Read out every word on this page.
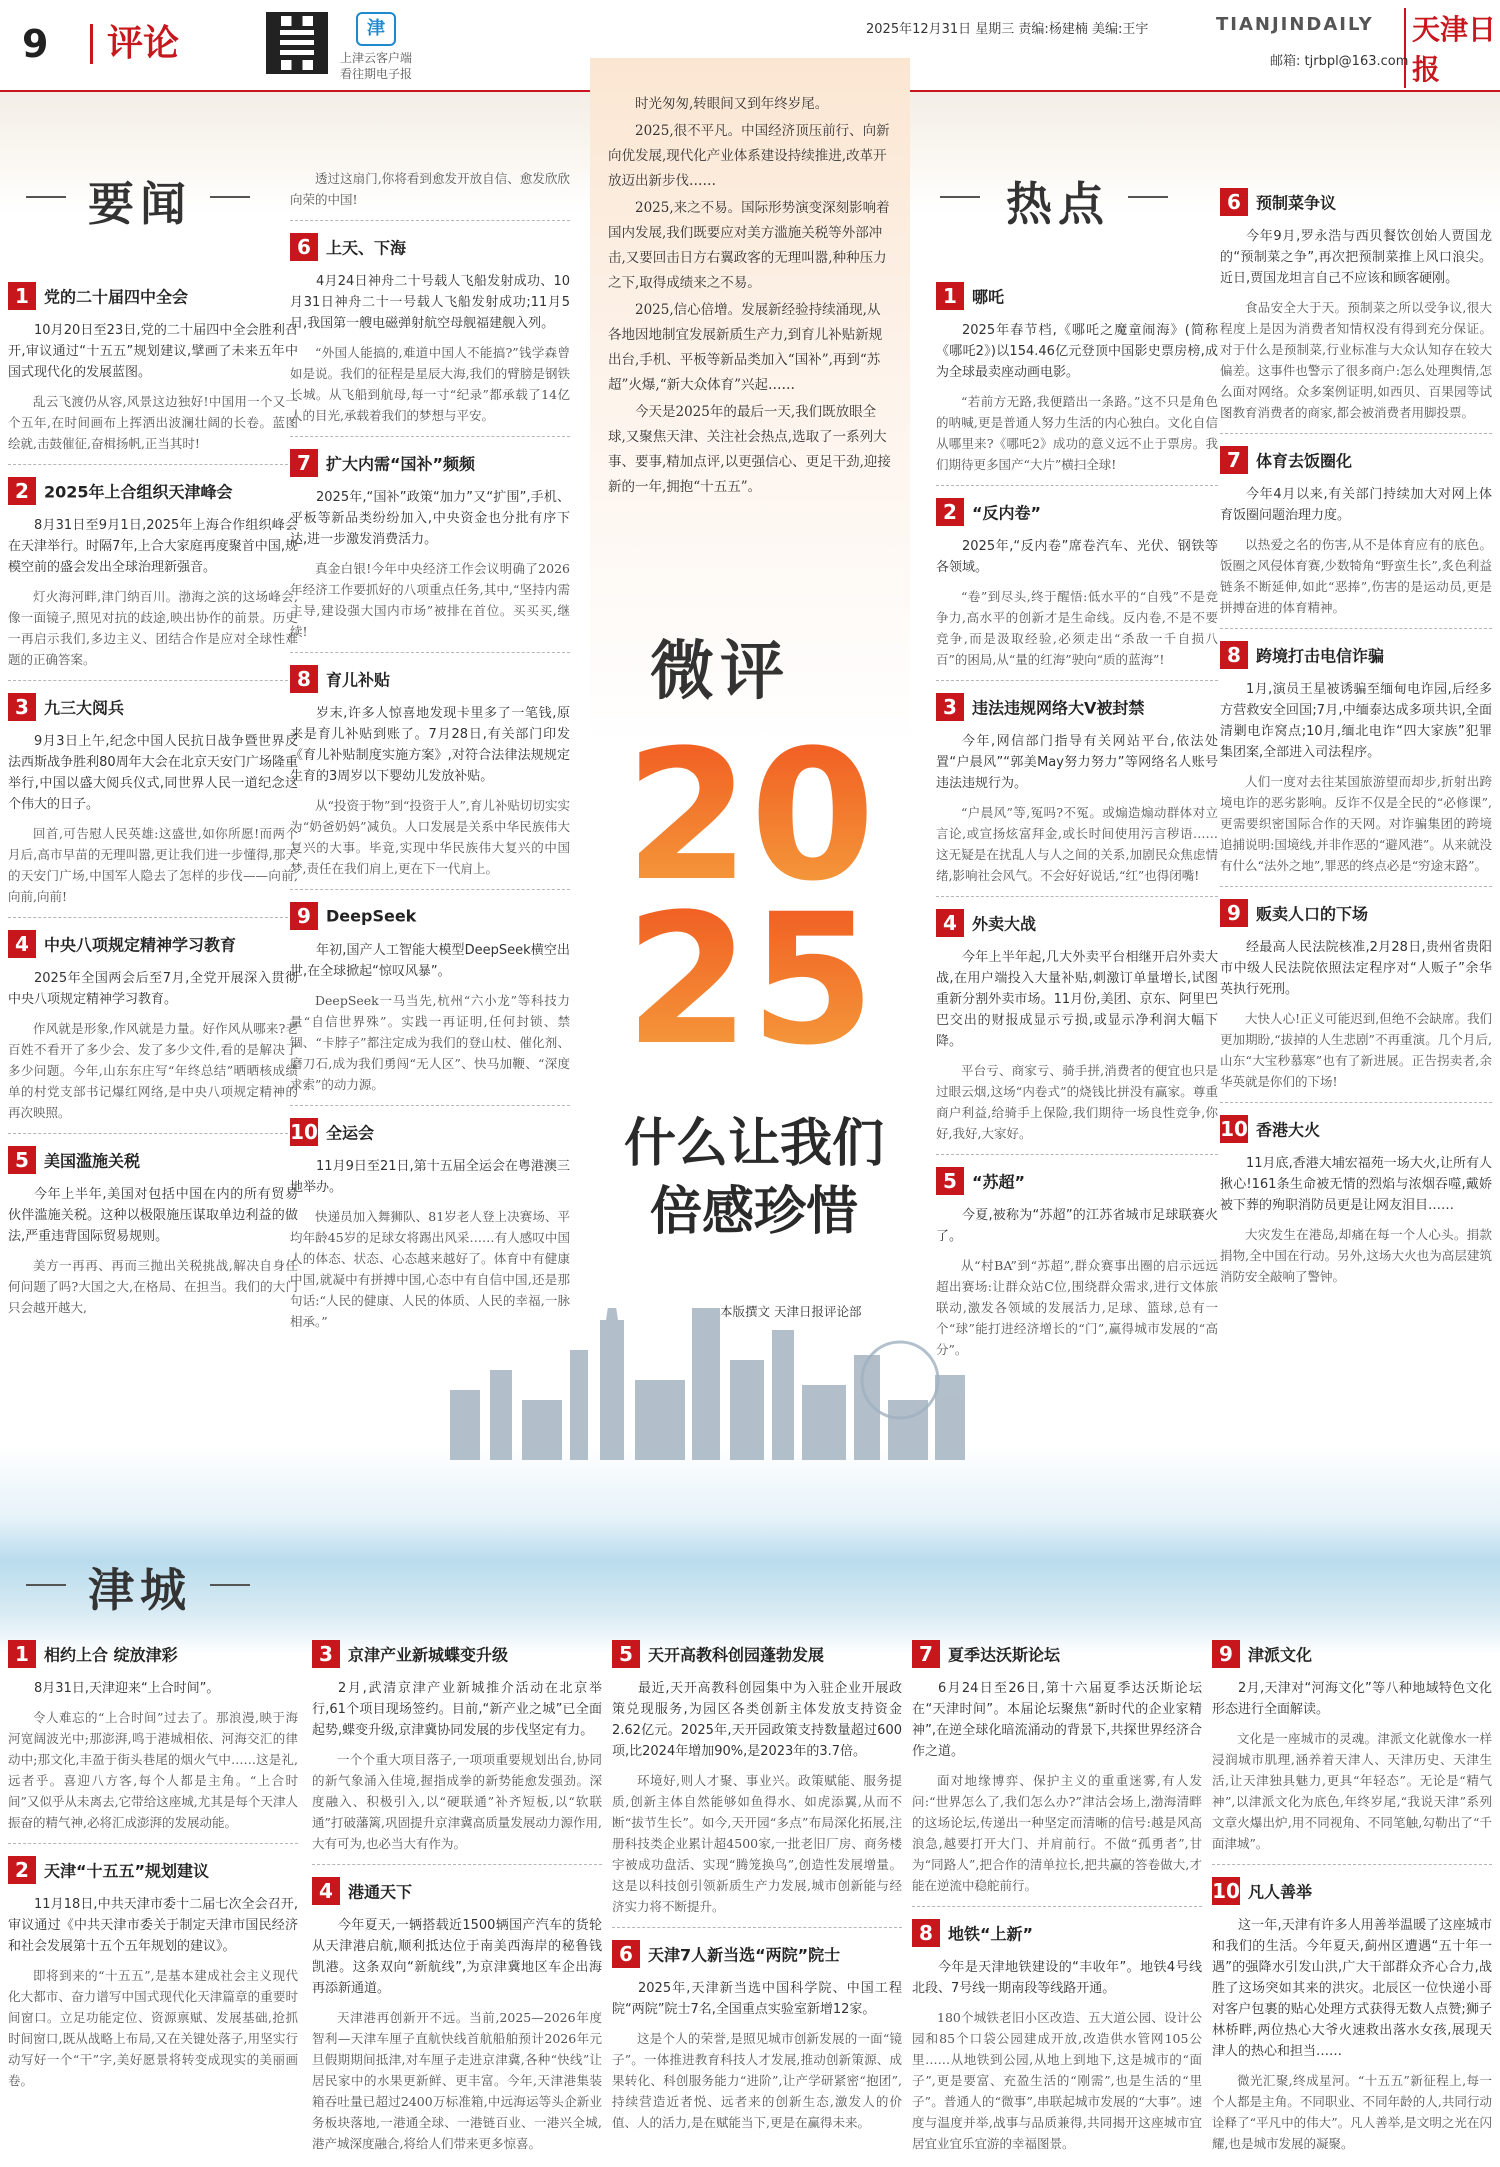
9	评论	津
上津云客户端
看往期电子报
2025年12月31日 星期三 责编:杨建楠 美编:王宇	TIANJINDAILY 天津日报
邮箱: tjrbpl@163.com
要闻	热点
津城

时光匆匆,转眼间又到年终岁尾。

2025,很不平凡。中国经济顶压前行、向新向优发展,现代化产业体系建设持续推进,改革开放迈出新步伐……

2025,来之不易。国际形势演变深刻影响着国内发展,我们既要应对美方滥施关税等外部冲击,又要回击日方右翼政客的无理叫嚣,种种压力之下,取得成绩来之不易。

2025,信心倍增。发展新经验持续涌现,从各地因地制宜发展新质生产力,到育儿补贴新规出台,手机、平板等新品类加入“国补”,再到“苏超”火爆,“新大众体育”兴起……

今天是2025年的最后一天,我们既放眼全球,又聚焦天津、关注社会热点,选取了一系列大事、要事,精加点评,以更强信心、更足干劲,迎接新的一年,拥抱“十五五”。

微评
20
25
什么让我们
倍感珍惜
本版撰文 天津日报评论部
1 党的二十届四中全会
10月20日至23日,党的二十届四中全会胜利召开,审议通过“十五五”规划建议,擘画了未来五年中国式现代化的发展蓝图。
乱云飞渡仍从容,风景这边独好!中国用一个又一个五年,在时间画布上挥洒出波澜壮阔的长卷。蓝图绘就,击鼓催征,奋楫扬帆,正当其时!
2 2025年上合组织天津峰会
8月31日至9月1日,2025年上海合作组织峰会在天津举行。时隔7年,上合大家庭再度聚首中国,规模空前的盛会发出全球治理新强音。
灯火海河畔,津门纳百川。渤海之滨的这场峰会,像一面镜子,照见对抗的歧途,映出协作的前景。历史一再启示我们,多边主义、团结合作是应对全球性难题的正确答案。
3 九三大阅兵
9月3日上午,纪念中国人民抗日战争暨世界反法西斯战争胜利80周年大会在北京天安门广场隆重举行,中国以盛大阅兵仪式,同世界人民一道纪念这个伟大的日子。
回首,可告慰人民英雄:这盛世,如你所愿!而两个月后,高市早苗的无理叫嚣,更让我们进一步懂得,那天的天安门广场,中国军人隐去了怎样的步伐——向前,向前,向前!
4 中央八项规定精神学习教育
2025年全国两会后至7月,全党开展深入贯彻中央八项规定精神学习教育。
作风就是形象,作风就是力量。好作风从哪来?老百姓不看开了多少会、发了多少文件,看的是解决了多少问题。今年,山东东庄写“年终总结”晒晒核成绩单的村党支部书记爆红网络,是中央八项规定精神的再次映照。
5 美国滥施关税
今年上半年,美国对包括中国在内的所有贸易伙伴滥施关税。这种以极限施压谋取单边利益的做法,严重违背国际贸易规则。
美方一再再、再而三抛出关税挑战,解决自身任何问题了吗?大国之大,在格局、在担当。我们的大门只会越开越大,
透过这扇门,你将看到愈发开放自信、愈发欣欣向荣的中国!
6 上天、下海
4月24日神舟二十号载人飞船发射成功、10月31日神舟二十一号载人飞船发射成功;11月5日,我国第一艘电磁弹射航空母舰福建舰入列。
“外国人能搞的,难道中国人不能搞?”钱学森曾如是说。我们的征程是星辰大海,我们的臂膀是钢铁长城。从飞船到航母,每一寸“纪录”都承载了14亿人的目光,承载着我们的梦想与平安。
7 扩大内需“国补”频频
2025年,“国补”政策“加力”又“扩围”,手机、平板等新品类纷纷加入,中央资金也分批有序下达,进一步激发消费活力。
真金白银!今年中央经济工作会议明确了2026年经济工作要抓好的八项重点任务,其中,“坚持内需主导,建设强大国内市场”被排在首位。买买买,继续!
8 育儿补贴
岁末,许多人惊喜地发现卡里多了一笔钱,原来是育儿补贴到账了。7月28日,有关部门印发《育儿补贴制度实施方案》,对符合法律法规规定生育的3周岁以下婴幼儿发放补贴。
从“投资于物”到“投资于人”,育儿补贴切切实实为“奶爸奶妈”减负。人口发展是关系中华民族伟大复兴的大事。毕竟,实现中华民族伟大复兴的中国梦,责任在我们肩上,更在下一代肩上。
9 DeepSeek
年初,国产人工智能大模型DeepSeek横空出世,在全球掀起“惊叹风暴”。
DeepSeek一马当先,杭州“六小龙”等科技力量“自信世界殊”。实践一再证明,任何封锁、禁锢、“卡脖子”都注定成为我们的登山杖、催化剂、磨刀石,成为我们勇闯“无人区”、快马加鞭、“深度求索”的动力源。
10 全运会
11月9日至21日,第十五届全运会在粤港澳三地举办。
快递员加入舞狮队、81岁老人登上决赛场、平均年龄45岁的足球女将踢出风采……有人感叹中国人的体态、状态、心态越来越好了。体育中有健康中国,就凝中有拼搏中国,心态中有自信中国,还是那句话:“人民的健康、人民的体质、人民的幸福,一脉相承。”
1 哪吒
2025年春节档,《哪吒之魔童闹海》(简称《哪吒2》)以154.46亿元登顶中国影史票房榜,成为全球最卖座动画电影。
“若前方无路,我便踏出一条路。”这不只是角色的呐喊,更是普通人努力生活的内心独白。文化自信从哪里来?《哪吒2》成功的意义远不止于票房。我们期待更多国产“大片”横扫全球!
2 “反内卷”
2025年,“反内卷”席卷汽车、光伏、钢铁等各领域。
“卷”到尽头,终于醒悟:低水平的“自残”不是竞争力,高水平的创新才是生命线。反内卷,不是不要竞争,而是汲取经验,必须走出“杀敌一千自损八百”的困局,从“量的红海”驶向“质的蓝海”!
3 违法违规网络大V被封禁
今年,网信部门指导有关网站平台,依法处置“户晨风”“郭美May努力努力”等网络名人账号违法违规行为。
“户晨风”等,冤吗?不冤。或煽造煽动群体对立言论,或宣扬炫富拜金,或长时间使用污言秽语……这无疑是在扰乱人与人之间的关系,加剧民众焦虑情绪,影响社会风气。不会好好说话,“红”也得闭嘴!
4 外卖大战
今年上半年起,几大外卖平台相继开启外卖大战,在用户端投入大量补贴,刺激订单量增长,试图重新分割外卖市场。11月份,美团、京东、阿里巴巴交出的财报成显示亏损,或显示净利润大幅下降。
平台亏、商家亏、骑手拼,消费者的便宜也只是过眼云烟,这场“内卷式”的烧钱比拼没有赢家。尊重商户利益,给骑手上保险,我们期待一场良性竞争,你好,我好,大家好。
5 “苏超”
今夏,被称为“苏超”的江苏省城市足球联赛火了。
从“村BA”到“苏超”,群众赛事出圈的启示远远超出赛场:让群众站C位,围绕群众需求,进行文体旅联动,激发各领域的发展活力,足球、篮球,总有一个“球”能打进经济增长的“门”,赢得城市发展的“高分”。
6 预制菜争议
今年9月,罗永浩与西贝餐饮创始人贾国龙的“预制菜之争”,再次把预制菜推上风口浪尖。近日,贾国龙坦言自己不应该和顾客硬刚。
食品安全大于天。预制菜之所以受争议,很大程度上是因为消费者知情权没有得到充分保证。对于什么是预制菜,行业标准与大众认知存在较大偏差。这事件也警示了很多商户:怎么处理舆情,怎么面对网络。众多案例证明,如西贝、百果园等试图教育消费者的商家,都会被消费者用脚投票。
7 体育去饭圈化
今年4月以来,有关部门持续加大对网上体育饭圈问题治理力度。
以热爱之名的伤害,从不是体育应有的底色。饭圈之风侵体育赛,少数犄角“野蛮生长”,炙色利益链条不断延伸,如此“恶捧”,伤害的是运动员,更是拼搏奋进的体育精神。
8 跨境打击电信诈骗
1月,演员王星被诱骗至缅甸电诈园,后经多方营救安全回国;7月,中缅泰达成多项共识,全面清剿电诈窝点;10月,缅北电诈“四大家族”犯罪集团案,全部进入司法程序。
人们一度对去往某国旅游望而却步,折射出跨境电诈的恶劣影响。反诈不仅是全民的“必修课”,更需要织密国际合作的天网。对诈骗集团的跨境追捕说明:国境线,并非作恶的“避风港”。从来就没有什么“法外之地”,罪恶的终点必是“穷途末路”。
9 贩卖人口的下场
经最高人民法院核准,2月28日,贵州省贵阳市中级人民法院依照法定程序对“人贩子”余华英执行死刑。
大快人心!正义可能迟到,但绝不会缺席。我们更加期盼,“拔掉的人生悲剧”不再重演。几个月后,山东“大宝秒慕寒”也有了新进展。正告拐卖者,余华英就是你们的下场!
10 香港大火
11月底,香港大埔宏福苑一场大火,让所有人揪心!161条生命被无情的烈焰与浓烟吞噬,戴娇被下葬的殉职消防员更是让网友泪目……
大灾发生在港岛,却痛在每一个人心头。捐款捐物,全中国在行动。另外,这场大火也为高层建筑消防安全敲响了警钟。
1 相约上合 绽放津彩
8月31日,天津迎来“上合时间”。
令人难忘的“上合时间”过去了。那浪漫,映于海河宽阔波光中;那澎湃,鸣于港城相依、河海交汇的律动中;那文化,丰盈于街头巷尾的烟火气中……这是礼,远者乎。喜迎八方客,每个人都是主角。“上合时间”又似乎从未离去,它带给这座城,尤其是每个天津人振奋的精气神,必将汇成澎湃的发展动能。
2 天津“十五五”规划建议
11月18日,中共天津市委十二届七次全会召开,审议通过《中共天津市委关于制定天津市国民经济和社会发展第十五个五年规划的建议》。
即将到来的“十五五”,是基本建成社会主义现代化大都市、奋力谱写中国式现代化天津篇章的重要时间窗口。立足功能定位、资源禀赋、发展基础,抢抓时间窗口,既从战略上布局,又在关键处落子,用坚实行动写好一个“干”字,美好愿景将转变成现实的美丽画卷。
3 京津产业新城蝶变升级
2月,武清京津产业新城推介活动在北京举行,61个项目现场签约。目前,“新产业之城”已全面起势,蝶变升级,京津冀协同发展的步伐坚定有力。
一个个重大项目落子,一项项重要规划出台,协同的新气象涌入佳境,握指成拳的新势能愈发强劲。深度融入、积极引入,以“硬联通”补齐短板,以“软联通”打破藩篱,巩固提升京津冀高质量发展动力源作用,大有可为,也必当大有作为。
4 港通天下
今年夏天,一辆搭载近1500辆国产汽车的货轮从天津港启航,顺利抵达位于南美西海岸的秘鲁钱凯港。这条双向“新航线”,为京津冀地区车企出海再添新通道。
天津港再创新开不远。当前,2025—2026年度智利—天津车厘子直航快线首航船舶预计2026年元旦假期期间抵津,对车厘子走进京津冀,各种“快线”让居民家中的水果更新鲜、更丰富。今年,天津港集装箱吞吐量已超过2400万标准箱,中远海运等头企新业务板块落地,一港通全球、一港链百业、一港兴全城,港产城深度融合,将给人们带来更多惊喜。
5 天开高教科创园蓬勃发展
最近,天开高教科创园集中为入驻企业开展政策兑现服务,为园区各类创新主体发放支持资金2.62亿元。2025年,天开园政策支持数量超过600项,比2024年增加90%,是2023年的3.7倍。
环境好,则人才聚、事业兴。政策赋能、服务提质,创新主体自然能够如鱼得水、如虎添翼,从而不断“拔节生长”。如今,天开园“多点”布局深化拓展,注册科技类企业累计超4500家,一批老旧厂房、商务楼宇被成功盘活、实现“腾笼换鸟”,创造性发展增量。这是以科技创引领新质生产力发展,城市创新能与经济实力将不断提升。
6 天津7人新当选“两院”院士
2025年,天津新当选中国科学院、中国工程院“两院”院士7名,全国重点实验室新增12家。
这是个人的荣誉,是照见城市创新发展的一面“镜子”。一体推进教育科技人才发展,推动创新策源、成果转化、科创服务能力“进阶”,让产学研紧密“抱团”,持续营造近者悦、远者来的创新生态,激发人的价值、人的活力,是在赋能当下,更是在赢得未来。
7 夏季达沃斯论坛
6月24日至26日,第十六届夏季达沃斯论坛在“天津时间”。本届论坛聚焦“新时代的企业家精神”,在逆全球化暗流涌动的背景下,共探世界经济合作之道。
面对地缘博弈、保护主义的重重迷雾,有人发问:“世界怎么了,我们怎么办?”津沽会场上,渤海清畔的这场论坛,传递出一种坚定而清晰的信号:越是风高浪急,越要打开大门、并肩前行。不做“孤勇者”,甘为“同路人”,把合作的清单拉长,把共赢的答卷做大,才能在逆流中稳舵前行。
8 地铁“上新”
今年是天津地铁建设的“丰收年”。地铁4号线北段、7号线一期南段等线路开通。
180个城铁老旧小区改造、五大道公园、设计公园和85个口袋公园建成开放,改造供水管网105公里……从地铁到公园,从地上到地下,这是城市的“面子”,更是要富、充盈生活的“刚需”,也是生活的“里子”。普通人的“微事”,串联起城市发展的“大事”。速度与温度并举,战事与品质兼得,共同揭开这座城市宜居宜业宜乐宜游的幸福图景。
9 津派文化
2月,天津对“河海文化”等八种地域特色文化形态进行全面解读。
文化是一座城市的灵魂。津派文化就像水一样浸润城市肌理,涵养着天津人、天津历史、天津生活,让天津独具魅力,更具“年轻态”。无论是“精气神”,以津派文化为底色,年终岁尾,“我说天津”系列文章火爆出炉,用不同视角、不同笔触,勾勒出了“千面津城”。
10 凡人善举
这一年,天津有许多人用善举温暖了这座城市和我们的生活。今年夏天,蓟州区遭遇“五十年一遇”的强降水引发山洪,广大干部群众齐心合力,战胜了这场突如其来的洪灾。北辰区一位快递小哥对客户包裹的贴心处理方式获得无数人点赞;狮子林桥畔,两位热心大爷火速救出落水女孩,展现天津人的热心和担当……
微光汇聚,终成星河。“十五五”新征程上,每一个人都是主角。不同职业、不同年龄的人,共同行动诠释了“平凡中的伟大”。凡人善举,是文明之光在闪耀,也是城市发展的凝聚。
